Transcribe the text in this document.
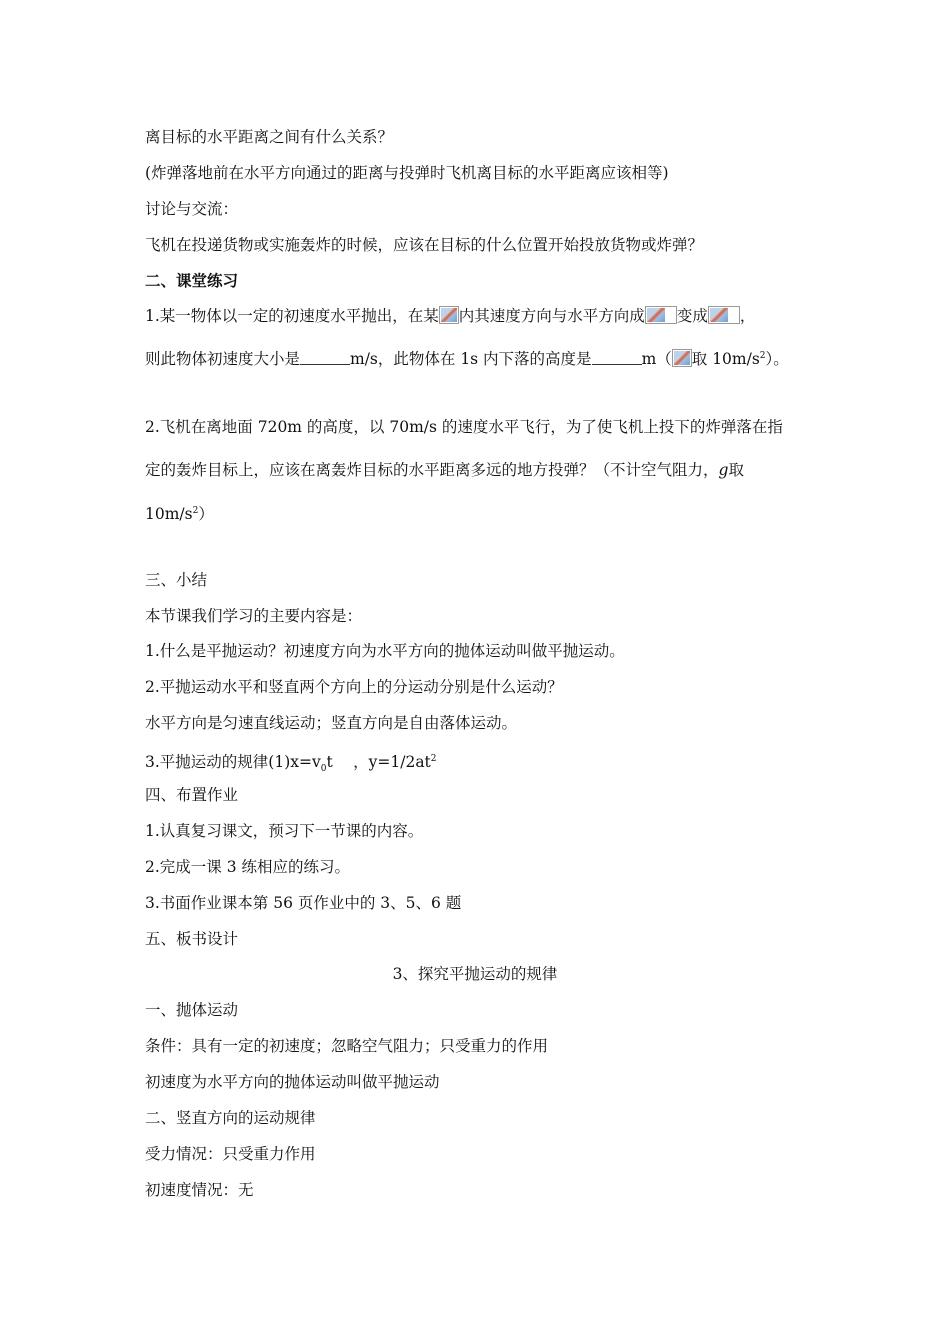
离目标的水平距离之间有什么关系？
(炸弹落地前在水平方向通过的距离与投弹时飞机离目标的水平距离应该相等)
讨论与交流：
飞机在投递货物或实施轰炸的时候，应该在目标的什么位置开始投放货物或炸弹？
二、课堂练习
1.某一物体以一定的初速度水平抛出，在某 内其速度方向与水平方向成 变成 ，
则此物体初速度大小是	m/s，此物体在 1s 内下落的高度是	m（ 取 $10m/s^2$）。
2.飞机在离地面 720m 的高度，以 70m/s 的速度水平飞行，为了使飞机上投下的炸弹落在指
定的轰炸目标上，应该在离轰炸目标的水平距离多远的地方投弹？（不计空气阻力，g取
$10m/s^2$）
三、小结
本节课我们学习的主要内容是：
1.什么是平抛运动？初速度方向为水平方向的抛体运动叫做平抛运动。
2.平抛运动水平和竖直两个方向上的分运动分别是什么运动？
水平方向是匀速直线运动；竖直方向是自由落体运动。
3.平抛运动的规律$(1)x=v_0t$　 ，$y=1/2at^2$
四、布置作业
1.认真复习课文，预习下一节课的内容。
2.完成一课 3 练相应的练习。
3.书面作业课本第 56 页作业中的 3、5、6 题
五、板书设计
3、探究平抛运动的规律
一、抛体运动
条件：具有一定的初速度；忽略空气阻力；只受重力的作用
初速度为水平方向的抛体运动叫做平抛运动
二、竖直方向的运动规律
受力情况：只受重力作用
初速度情况：无
